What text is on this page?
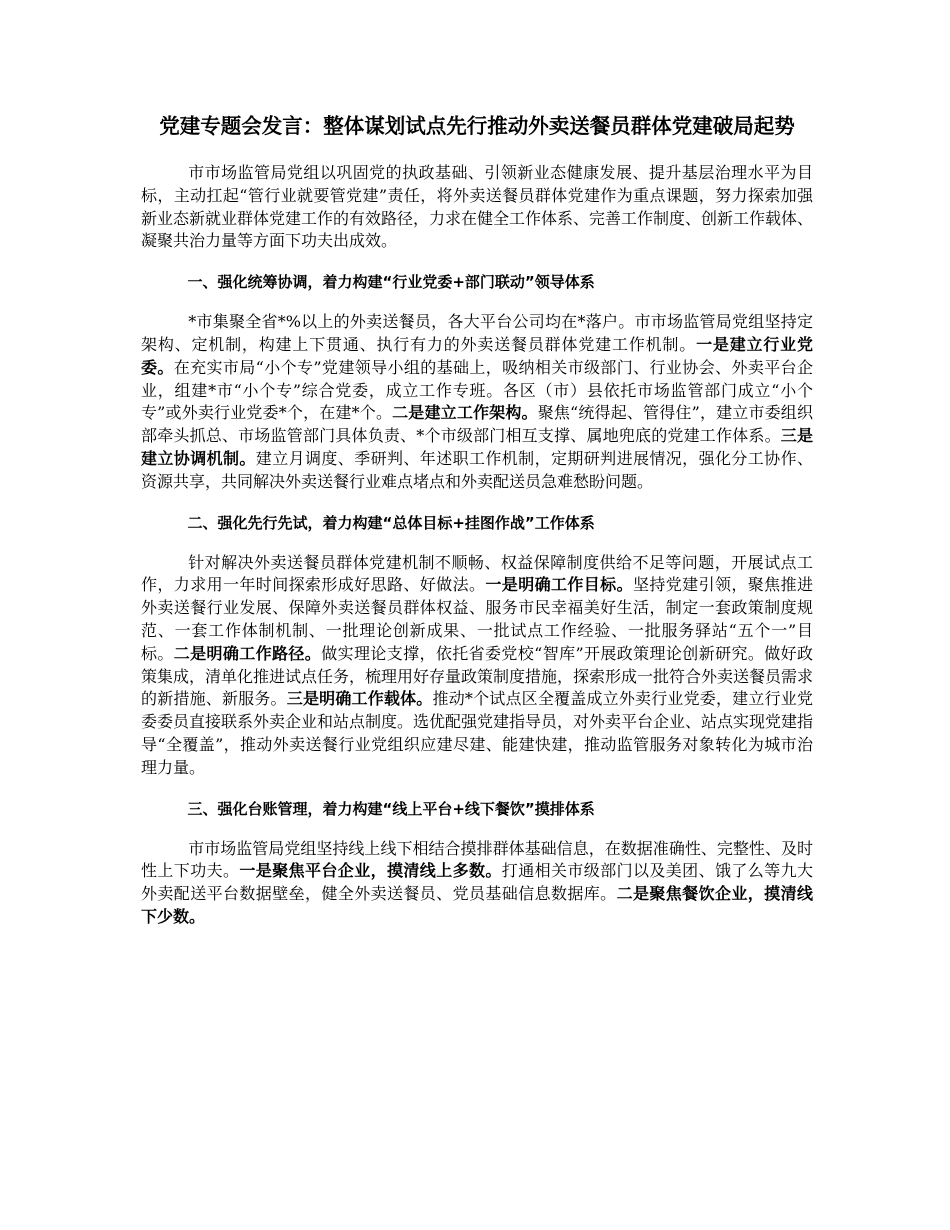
党建专题会发言：整体谋划试点先行推动外卖送餐员群体党建破局起势

市市场监管局党组以巩固党的执政基础、引领新业态健康发展、提升基层治理水平为目标，主动扛起“管行业就要管党建”责任，将外卖送餐员群体党建作为重点课题，努力探索加强新业态新就业群体党建工作的有效路径，力求在健全工作体系、完善工作制度、创新工作载体、凝聚共治力量等方面下功夫出成效。

一、强化统筹协调，着力构建“行业党委+部门联动”领导体系

*市集聚全省*%以上的外卖送餐员，各大平台公司均在*落户。市市场监管局党组坚持定架构、定机制，构建上下贯通、执行有力的外卖送餐员群体党建工作机制。一是建立行业党委。在充实市局“小个专”党建领导小组的基础上，吸纳相关市级部门、行业协会、外卖平台企业，组建*市“小个专”综合党委，成立工作专班。各区（市）县依托市场监管部门成立“小个专”或外卖行业党委*个，在建*个。二是建立工作架构。聚焦“统得起、管得住”，建立市委组织部牵头抓总、市场监管部门具体负责、*个市级部门相互支撑、属地兜底的党建工作体系。三是建立协调机制。建立月调度、季研判、年述职工作机制，定期研判进展情况，强化分工协作、资源共享，共同解决外卖送餐行业难点堵点和外卖配送员急难愁盼问题。

二、强化先行先试，着力构建“总体目标+挂图作战”工作体系

针对解决外卖送餐员群体党建机制不顺畅、权益保障制度供给不足等问题，开展试点工作，力求用一年时间探索形成好思路、好做法。一是明确工作目标。坚持党建引领，聚焦推进外卖送餐行业发展、保障外卖送餐员群体权益、服务市民幸福美好生活，制定一套政策制度规范、一套工作体制机制、一批理论创新成果、一批试点工作经验、一批服务驿站“五个一”目标。二是明确工作路径。做实理论支撑，依托省委党校“智库”开展政策理论创新研究。做好政策集成，清单化推进试点任务，梳理用好存量政策制度措施，探索形成一批符合外卖送餐员需求的新措施、新服务。三是明确工作载体。推动*个试点区全覆盖成立外卖行业党委，建立行业党委委员直接联系外卖企业和站点制度。选优配强党建指导员，对外卖平台企业、站点实现党建指导“全覆盖”，推动外卖送餐行业党组织应建尽建、能建快建，推动监管服务对象转化为城市治理力量。

三、强化台账管理，着力构建“线上平台+线下餐饮”摸排体系

市市场监管局党组坚持线上线下相结合摸排群体基础信息，在数据准确性、完整性、及时性上下功夫。一是聚焦平台企业，摸清线上多数。打通相关市级部门以及美团、饿了么等九大外卖配送平台数据壁垒，健全外卖送餐员、党员基础信息数据库。二是聚焦餐饮企业，摸清线下少数。
